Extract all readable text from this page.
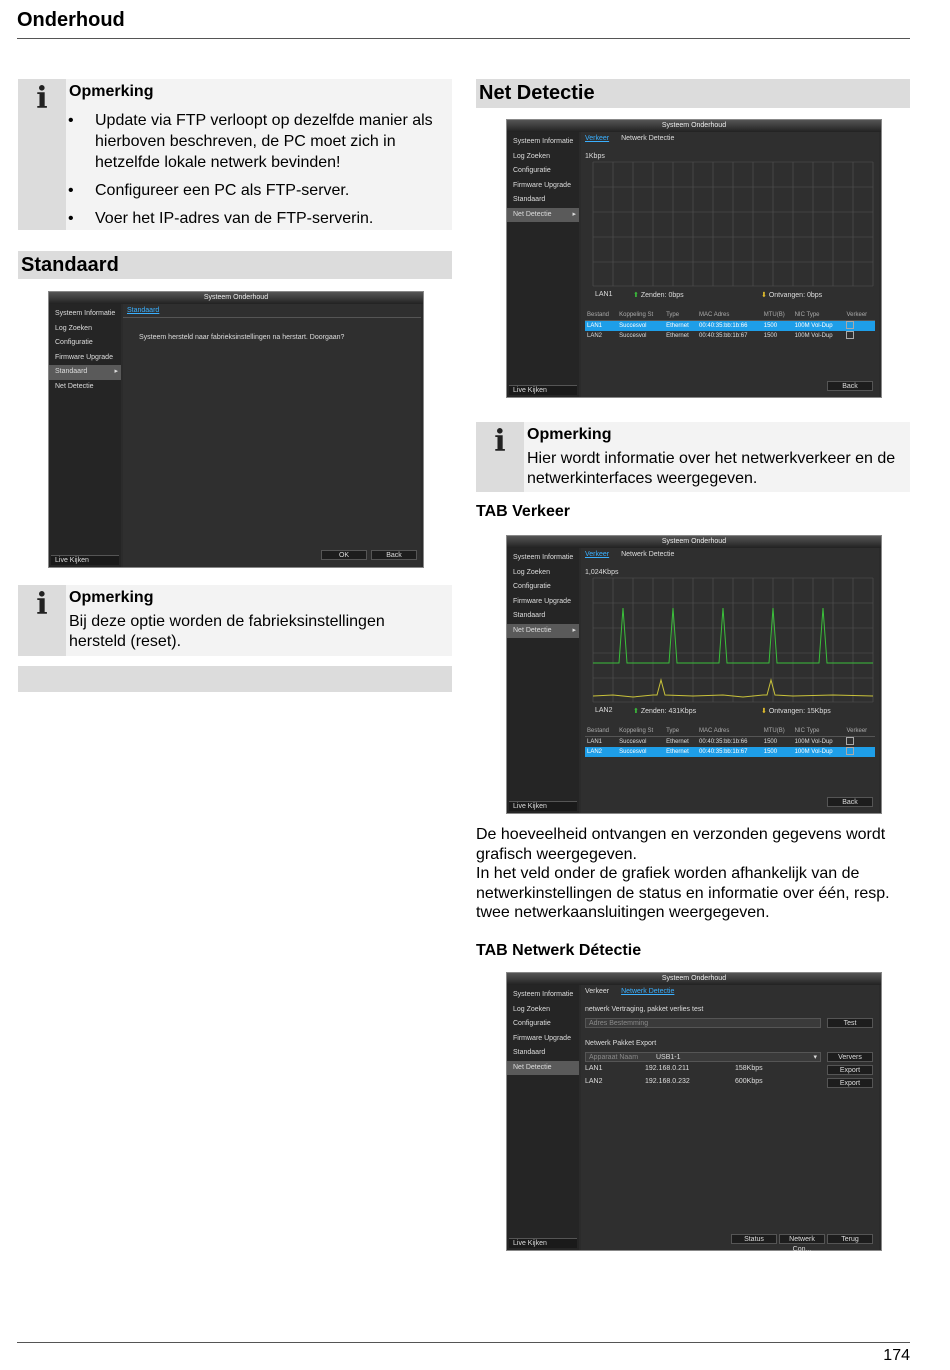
Onderhoud
i	Opmerking
• Update via FTP verloopt op dezelfde manier als hierboven beschreven, de PC moet zich in hetzelfde lokale netwerk bevinden!
• Configureer een PC als FTP-server.
• Voer het IP-adres van de FTP-serverin.
Standaard
Systeem Onderhoud
Systeem Informatie
Log Zoeken
Configuratie
Firmware Upgrade
Standaard	▸
Net Detectie
Live Kijken
Standaard
Systeem hersteld naar fabrieksinstellingen na herstart. Doorgaan?
OK	Back
i	Opmerking
Bij deze optie worden de fabrieksinstellingen hersteld (reset).
Net Detectie
Systeem Onderhoud
Systeem Informatie
Log Zoeken
Configuratie
Firmware Upgrade
Standaard
Net Detectie	▸
Live Kijken
Verkeer Netwerk Detectie
1Kbps
LAN1	⬆ Zenden: 0bps	⬇ Ontvangen: 0bps
Bestand	Koppeling St	Type	MAC Adres	MTU(B)	NIC Type	Verkeer
LAN1	Succesvol	Ethernet	00:40:35:bb:1b:66	1500	100M Vol-Dup	
LAN2	Succesvol	Ethernet	00:40:35:bb:1b:67	1500	100M Vol-Dup	
Back
i	Opmerking
Hier wordt informatie over het netwerkverkeer en de netwerkinterfaces weergegeven.
TAB Verkeer
Systeem Onderhoud
Systeem Informatie
Log Zoeken
Configuratie
Firmware Upgrade
Standaard
Net Detectie	▸
Live Kijken
Verkeer Netwerk Detectie
1,024Kbps
LAN2	⬆ Zenden: 431Kbps	⬇ Ontvangen: 15Kbps
Bestand	Koppeling St	Type	MAC Adres	MTU(B)	NIC Type	Verkeer
LAN1	Succesvol	Ethernet	00:40:35:bb:1b:66	1500	100M Vol-Dup	
LAN2	Succesvol	Ethernet	00:40:35:bb:1b:67	1500	100M Vol-Dup	
Back
De hoeveelheid ontvangen en verzonden gegevens wordt grafisch weergegeven.
In het veld onder de grafiek worden afhankelijk van de netwerkinstellingen de status en informatie over één, resp. twee netwerkaansluitingen weergegeven.
TAB Netwerk Détectie
Systeem Onderhoud
Systeem Informatie
Log Zoeken
Configuratie
Firmware Upgrade
Standaard
Net Detectie
Live Kijken
Verkeer Netwerk Detectie
netwerk Vertraging, pakket verlies test
Adres Bestemming	Test
Netwerk Pakket Export
Apparaat Naam	USB1-1	▾	Ververs
LAN1	192.168.0.211	158Kbps	Export
LAN2	192.168.0.232	600Kbps	Export
Status	Netwerk Con...
Terug
174
